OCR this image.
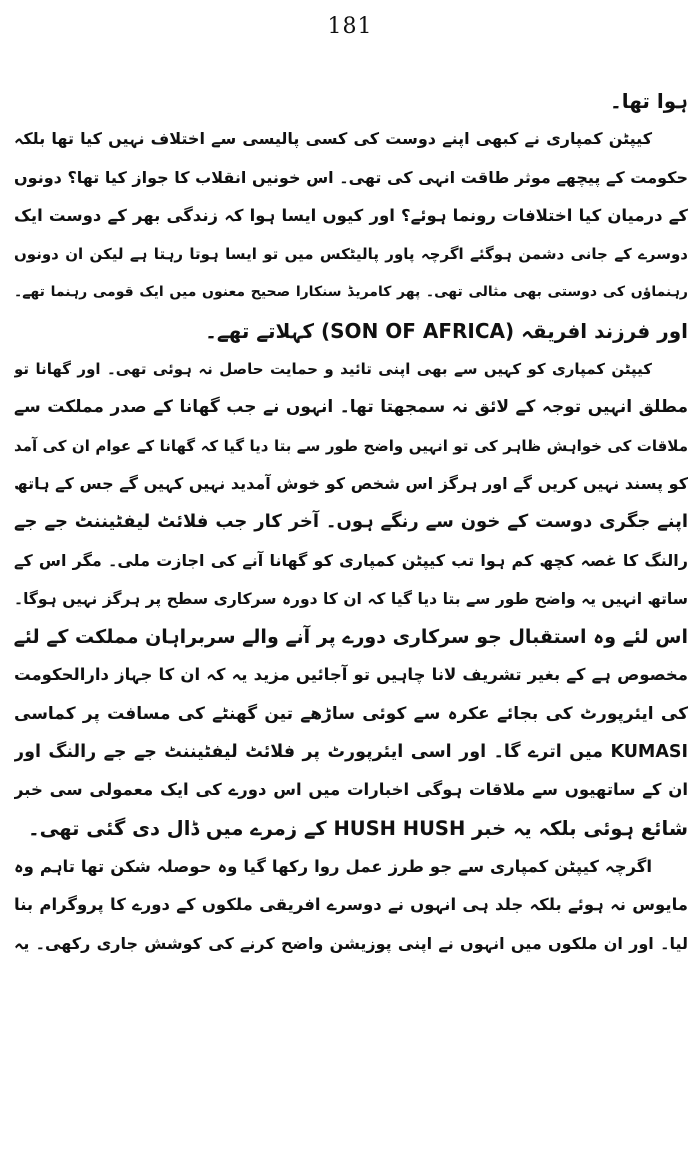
181
ہوا تھا۔
کیپٹن کمپاری نے کبھی اپنے دوست کی کسی پالیسی سے اختلاف نہیں کیا تھا بلکہ
حکومت کے پیچھے موثر طاقت انہی کی تھی۔ اس خونیں انقلاب کا جواز کیا تھا؟ دونوں
کے درمیان کیا اختلافات رونما ہوئے؟ اور کیوں ایسا ہوا کہ زندگی بھر کے دوست ایک
دوسرے کے جانی دشمن ہوگئے اگرچہ پاور پالیٹکس میں تو ایسا ہوتا رہتا ہے لیکن ان دونوں
رہنماؤں کی دوستی بھی مثالی تھی۔ پھر کامریڈ سنکارا صحیح معنوں میں ایک قومی رہنما تھے۔
اور فرزند افریقہ (SON OF AFRICA) کہلاتے تھے۔
کیپٹن کمپاری کو کہیں سے بھی اپنی تائید و حمایت حاصل نہ ہوئی تھی۔ اور گھانا تو
مطلق انہیں توجہ کے لائق نہ سمجھتا تھا۔ انہوں نے جب گھانا کے صدر مملکت سے
ملاقات کی خواہش ظاہر کی تو انہیں واضح طور سے بتا دیا گیا کہ گھانا کے عوام ان کی آمد
کو پسند نہیں کریں گے اور ہرگز اس شخص کو خوش آمدید نہیں کہیں گے جس کے ہاتھ
اپنے جگری دوست کے خون سے رنگے ہوں۔ آخر کار جب فلائٹ لیفٹیننٹ جے جے
رالنگ کا غصہ کچھ کم ہوا تب کیپٹن کمپاری کو گھانا آنے کی اجازت ملی۔ مگر اس کے
ساتھ انہیں یہ واضح طور سے بتا دیا گیا کہ ان کا دورہ سرکاری سطح پر ہرگز نہیں ہوگا۔
اس لئے وہ استقبال جو سرکاری دورے پر آنے والے سربراہان مملکت کے لئے
مخصوص ہے کے بغیر تشریف لانا چاہیں تو آجائیں مزید یہ کہ ان کا جہاز دارالحکومت
کی ایئرپورٹ کی بجائے عکرہ سے کوئی ساڑھے تین گھنٹے کی مسافت پر کماسی
KUMASI میں اترے گا۔ اور اسی ایئرپورٹ پر فلائٹ لیفٹیننٹ جے جے رالنگ اور
ان کے ساتھیوں سے ملاقات ہوگی اخبارات میں اس دورے کی ایک معمولی سی خبر
شائع ہوئی بلکہ یہ خبر HUSH HUSH کے زمرے میں ڈال دی گئی تھی۔
اگرچہ کیپٹن کمپاری سے جو طرز عمل روا رکھا گیا وہ حوصلہ شکن تھا تاہم وہ
مایوس نہ ہوئے بلکہ جلد ہی انہوں نے دوسرے افریقی ملکوں کے دورے کا پروگرام بنا
لیا۔ اور ان ملکوں میں انہوں نے اپنی پوزیشن واضح کرنے کی کوشش جاری رکھی۔ یہ
